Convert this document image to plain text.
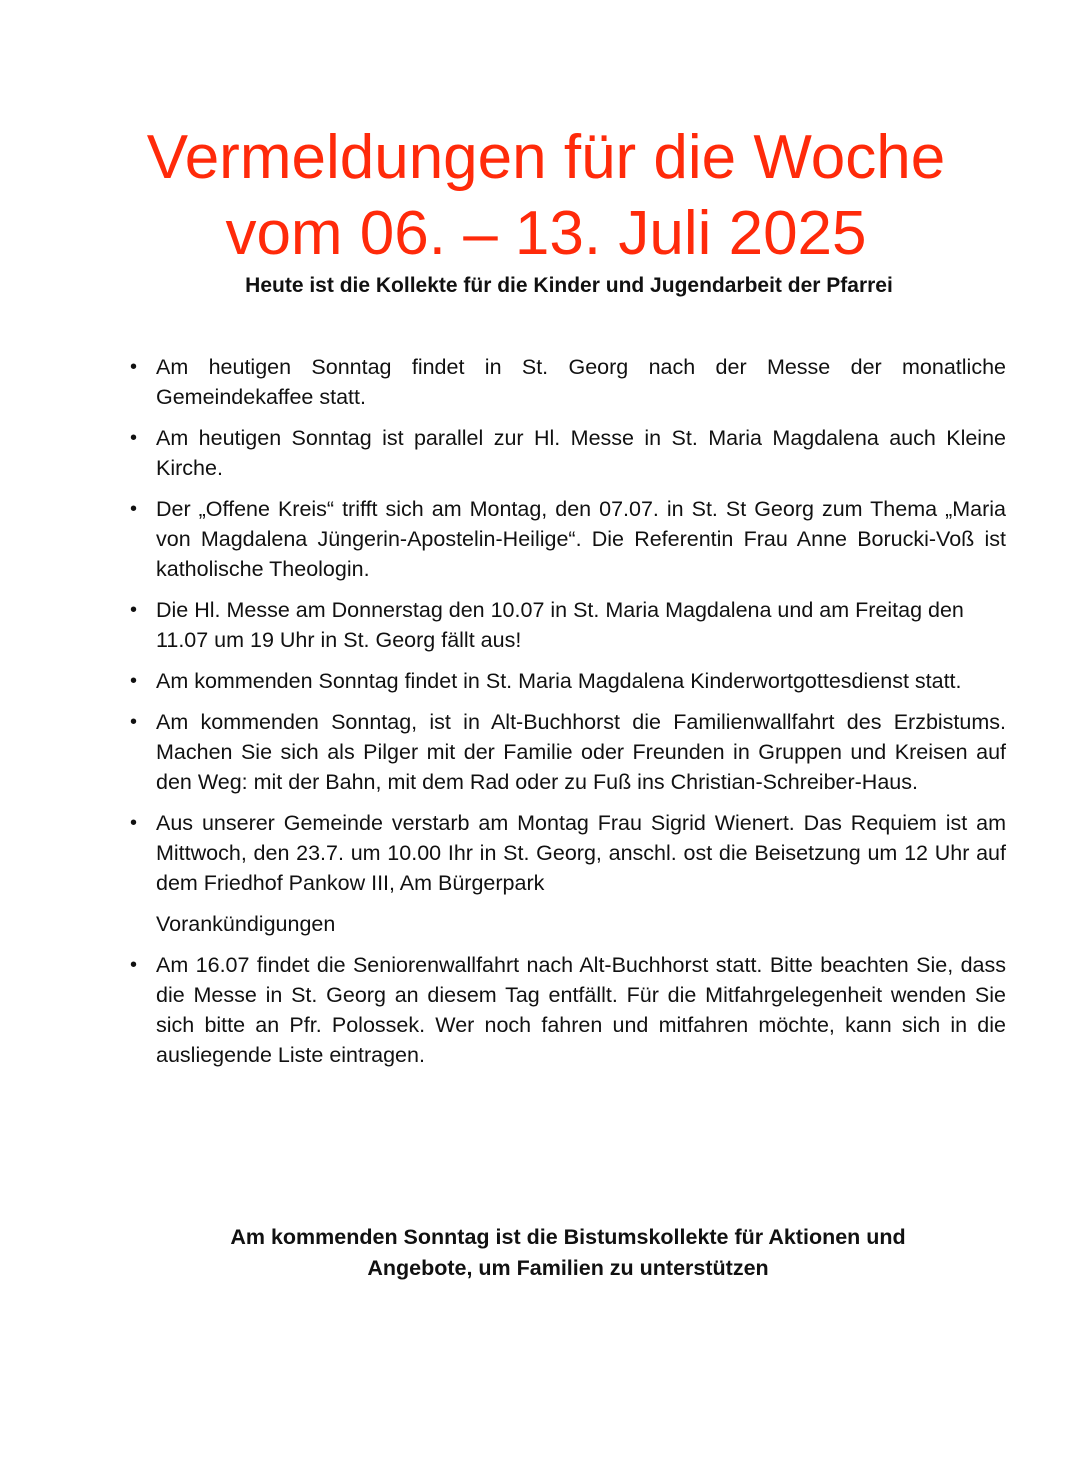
Vermeldungen für die Woche
vom 06. – 13. Juli 2025
Heute ist die Kollekte für die Kinder und Jugendarbeit der Pfarrei
• Am heutigen Sonntag findet in St. Georg nach der Messe der monatliche Gemeindekaffee statt.
• Am heutigen Sonntag ist parallel zur Hl. Messe in St. Maria Magdalena auch Kleine Kirche.
• Der „Offene Kreis“ trifft sich am Montag, den 07.07. in St. St Georg zum Thema „Maria von Magdalena Jüngerin-Apostelin-Heilige“. Die Referentin Frau Anne Borucki-Voß ist katholische Theologin.
• Die Hl. Messe am Donnerstag den 10.07 in St. Maria Magdalena und am Freitag den 11.07 um 19 Uhr in St. Georg fällt aus!
• Am kommenden Sonntag findet in St. Maria Magdalena Kinderwortgottesdienst statt.
• Am kommenden Sonntag, ist in Alt-Buchhorst die Familienwallfahrt des Erzbistums. Machen Sie sich als Pilger mit der Familie oder Freunden in Gruppen und Kreisen auf den Weg: mit der Bahn, mit dem Rad oder zu Fuß ins Christian-Schreiber-Haus.
• Aus unserer Gemeinde verstarb am Montag Frau Sigrid Wienert. Das Requiem ist am Mittwoch, den 23.7. um 10.00 Ihr in St. Georg, anschl. ost die Beisetzung um 12 Uhr auf dem Friedhof Pankow III, Am Bürgerpark
Vorankündigungen
• Am 16.07 findet die Seniorenwallfahrt nach Alt-Buchhorst statt. Bitte beachten Sie, dass die Messe in St. Georg an diesem Tag entfällt. Für die Mitfahrgelegenheit wenden Sie sich bitte an Pfr. Polossek. Wer noch fahren und mitfahren möchte, kann sich in die ausliegende Liste eintragen.
Am kommenden Sonntag ist die Bistumskollekte für Aktionen und
Angebote, um Familien zu unterstützen
